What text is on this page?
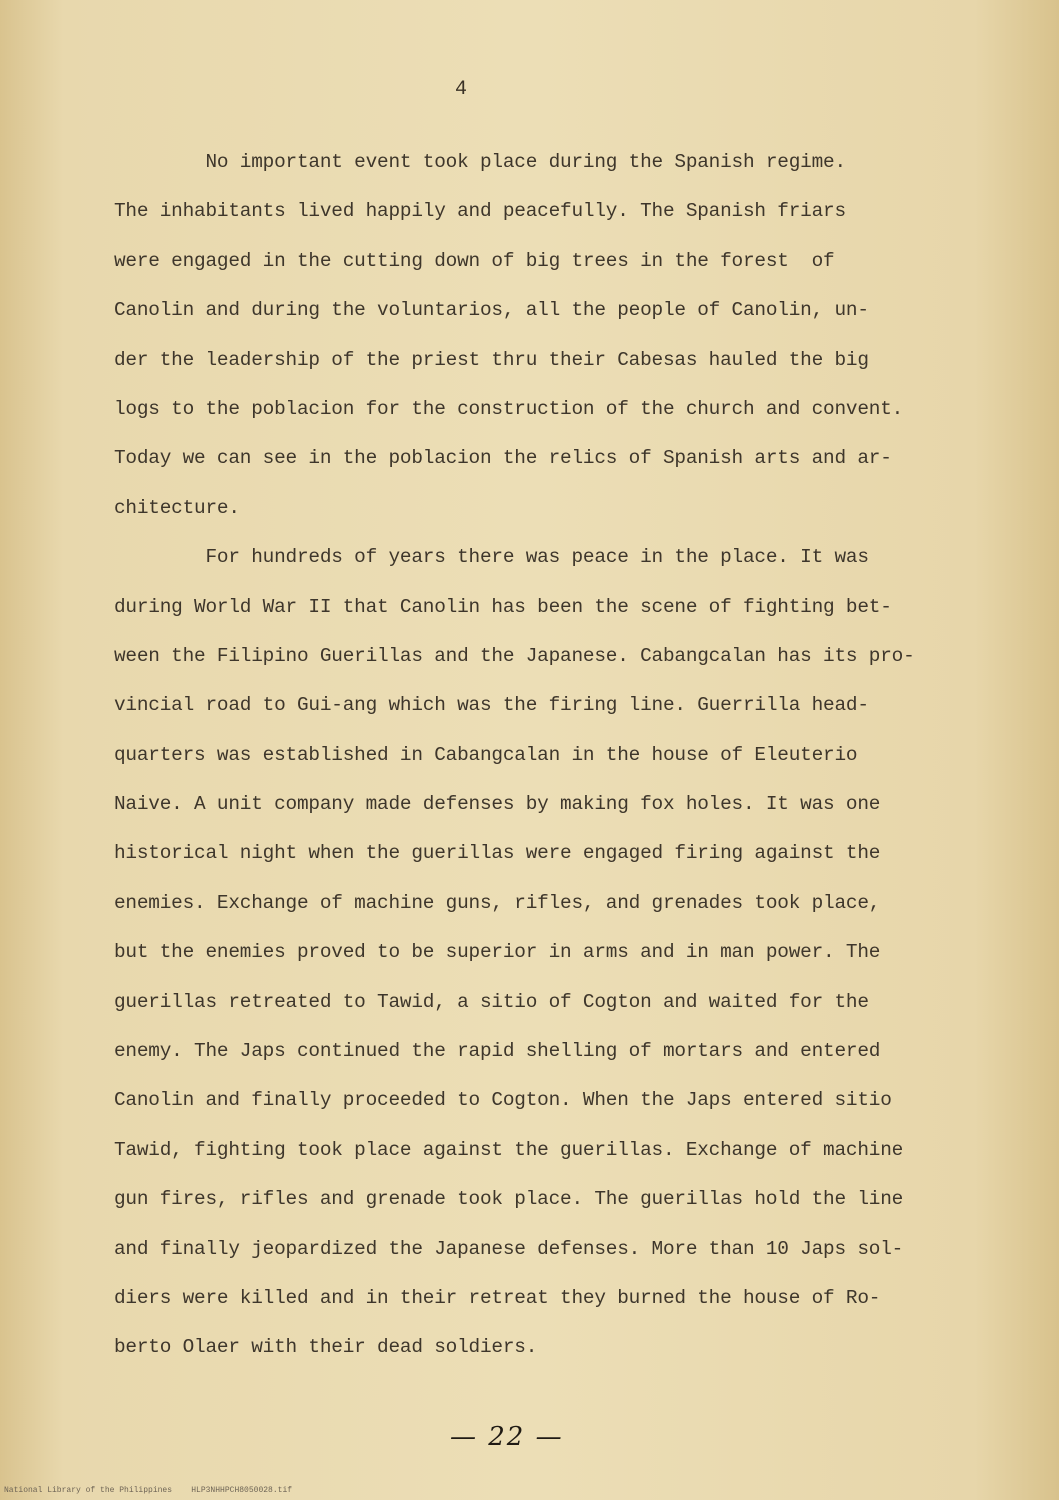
4
No important event took place during the Spanish regime.
The inhabitants lived happily and peacefully. The Spanish friars
were engaged in the cutting down of big trees in the forest  of
Canolin and during the voluntarios, all the people of Canolin, un-
der the leadership of the priest thru their Cabesas hauled the big
logs to the poblacion for the construction of the church and convent.
Today we can see in the poblacion the relics of Spanish arts and ar-
chitecture.
For hundreds of years there was peace in the place. It was
during World War II that Canolin has been the scene of fighting bet-
ween the Filipino Guerillas and the Japanese. Cabangcalan has its pro-
vincial road to Gui-ang which was the firing line. Guerrilla head-
quarters was established in Cabangcalan in the house of Eleuterio
Naive. A unit company made defenses by making fox holes. It was one
historical night when the guerillas were engaged firing against the
enemies. Exchange of machine guns, rifles, and grenades took place,
but the enemies proved to be superior in arms and in man power. The
guerillas retreated to Tawid, a sitio of Cogton and waited for the
enemy. The Japs continued the rapid shelling of mortars and entered
Canolin and finally proceeded to Cogton. When the Japs entered sitio
Tawid, fighting took place against the guerillas. Exchange of machine
gun fires, rifles and grenade took place. The guerillas hold the line
and finally jeopardized the Japanese defenses. More than 10 Japs sol-
diers were killed and in their retreat they burned the house of Ro-
berto Olaer with their dead soldiers.
— 22 —
National Library of the Philippines    HLP3NHHPCH8050028.tif
